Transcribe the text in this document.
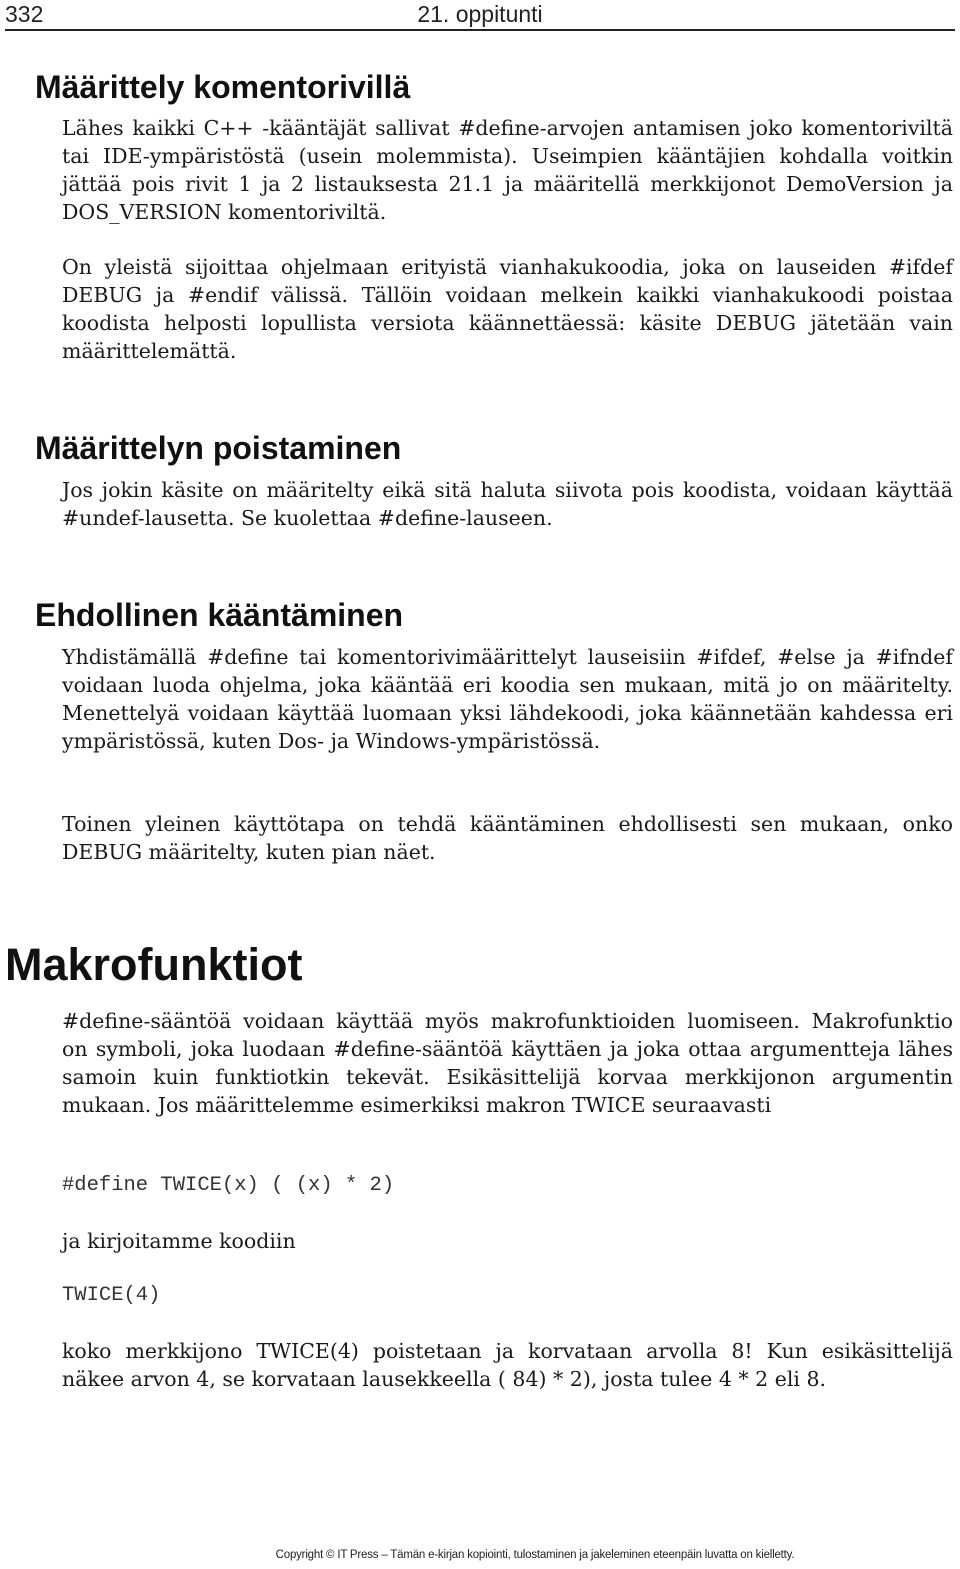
332	21. oppitunti
Määrittely komentorivillä

Lähes kaikki C++ -kääntäjät sallivat #define-arvojen antamisen joko komentoriviltä tai IDE-ympäristöstä (usein molemmista). Useimpien kääntäjien kohdalla voitkin jättää pois rivit 1 ja 2 listauksesta 21.1 ja määritellä merkkijonot DemoVersion ja DOS_VERSION komentoriviltä.

On yleistä sijoittaa ohjelmaan erityistä vianhakukoodia, joka on lauseiden #ifdef DEBUG ja #endif välissä. Tällöin voidaan melkein kaikki vianhakukoodi poistaa koodista helposti lopullista versiota käännettäessä: käsite DEBUG jätetään vain määrittelemättä.

Määrittelyn poistaminen

Jos jokin käsite on määritelty eikä sitä haluta siivota pois koodista, voidaan käyttää #undef-lausetta. Se kuolettaa #define-lauseen.

Ehdollinen kääntäminen

Yhdistämällä #define tai komentorivimäärittelyt lauseisiin #ifdef, #else ja #ifndef voidaan luoda ohjelma, joka kääntää eri koodia sen mukaan, mitä jo on määritelty. Menettelyä voidaan käyttää luomaan yksi lähdekoodi, joka käännetään kahdessa eri ympäristössä, kuten Dos- ja Windows-ympäristössä.

Toinen yleinen käyttötapa on tehdä kääntäminen ehdollisesti sen mukaan, onko DEBUG määritelty, kuten pian näet.

Makrofunktiot

#define-sääntöä voidaan käyttää myös makrofunktioiden luomiseen. Makrofunktio on symboli, joka luodaan #define-sääntöä käyttäen ja joka ottaa argumentteja lähes samoin kuin funktiotkin tekevät. Esikäsittelijä korvaa merkkijonon argumentin mukaan. Jos määrittelemme esimerkiksi makron TWICE seuraavasti

#define TWICE(x) ( (x) * 2)

ja kirjoitamme koodiin

TWICE(4)

koko merkkijono TWICE(4) poistetaan ja korvataan arvolla 8! Kun esikäsittelijä näkee arvon 4, se korvataan lausekkeella ( 84) * 2), josta tulee 4 * 2 eli 8.

Copyright © IT Press – Tämän e-kirjan kopiointi, tulostaminen ja jakeleminen eteenpäin luvatta on kielletty.
